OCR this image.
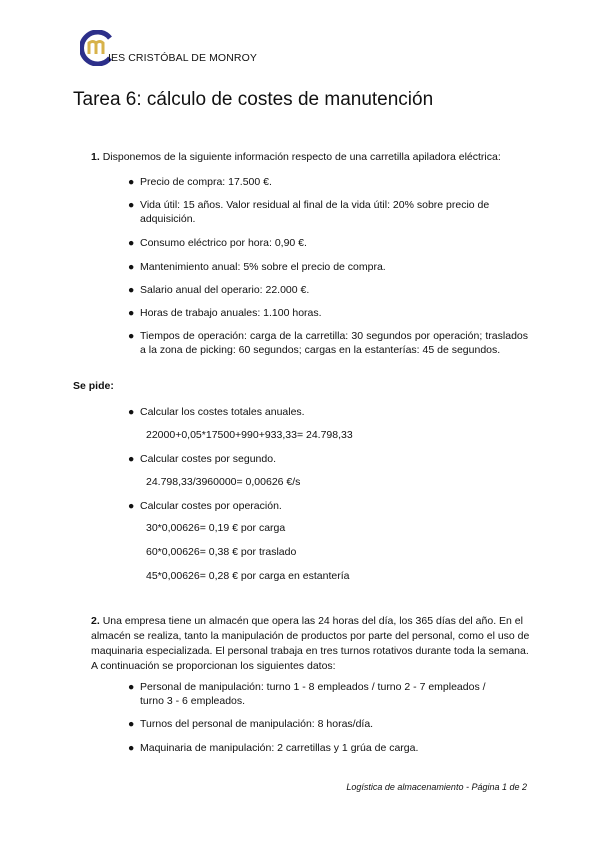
IES CRISTÓBAL DE MONROY
Tarea 6: cálculo de costes de manutención
1. Disponemos de la siguiente información respecto de una carretilla apiladora eléctrica:
● Precio de compra: 17.500 €.
● Vida útil: 15 años. Valor residual al final de la vida útil: 20% sobre precio de adquisición.
● Consumo eléctrico por hora: 0,90 €.
● Mantenimiento anual: 5% sobre el precio de compra.
● Salario anual del operario: 22.000 €.
● Horas de trabajo anuales: 1.100 horas.
● Tiempos de operación: carga de la carretilla: 30 segundos por operación; traslados a la zona de picking: 60 segundos; cargas en la estanterías: 45 de segundos.
Se pide:
● Calcular los costes totales anuales.
22000+0,05*17500+990+933,33= 24.798,33
● Calcular costes por segundo.
24.798,33/3960000= 0,00626 €/s
● Calcular costes por operación.
30*0,00626= 0,19 € por carga
60*0,00626= 0,38 € por traslado
45*0,00626= 0,28 € por carga en estantería
2. Una empresa tiene un almacén que opera las 24 horas del día, los 365 días del año. En el almacén se realiza, tanto la manipulación de productos por parte del personal, como el uso de maquinaria especializada. El personal trabaja en tres turnos rotativos durante toda la semana. A continuación se proporcionan los siguientes datos:
● Personal de manipulación: turno 1 - 8 empleados / turno 2 - 7 empleados / turno 3 - 6 empleados.
● Turnos del personal de manipulación: 8 horas/día.
● Maquinaria de manipulación: 2 carretillas y 1 grúa de carga.
Logística de almacenamiento - Página 1 de 2
